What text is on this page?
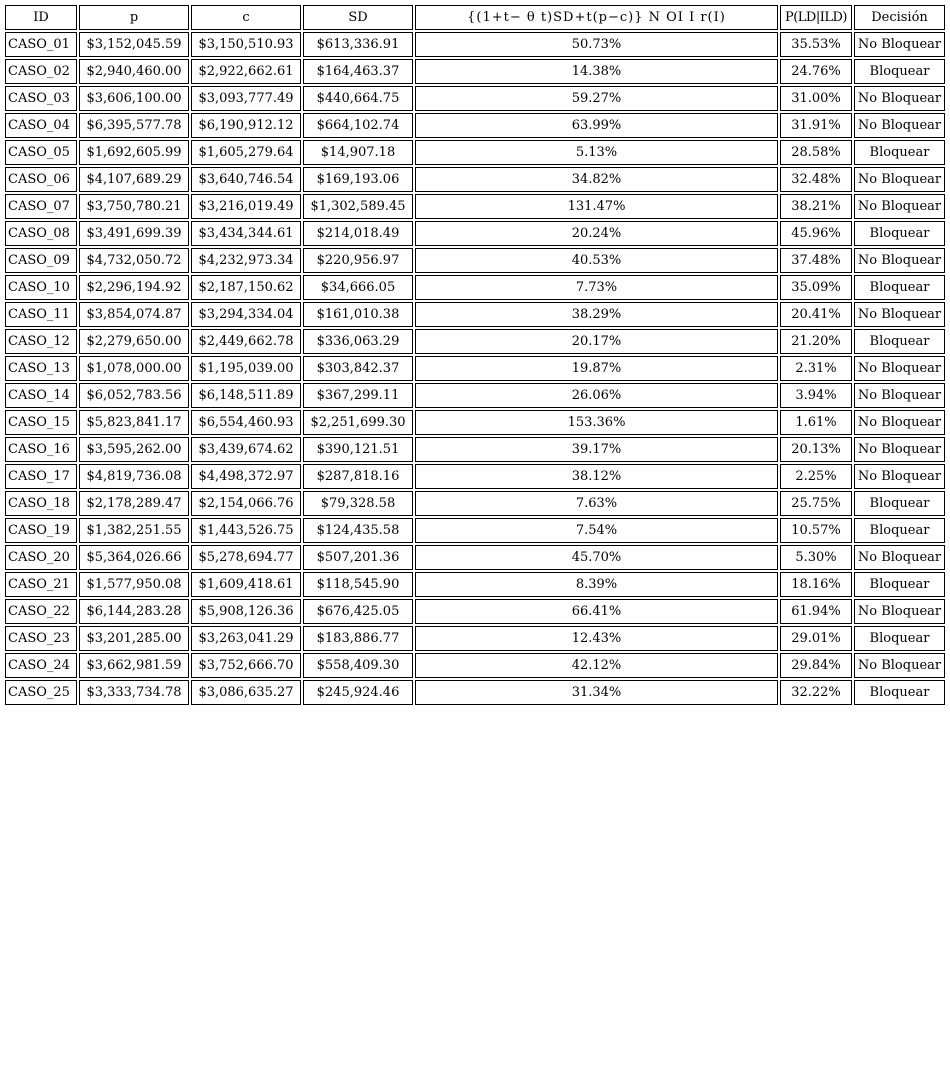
ID	p	c	SD	{(1+t− θ t)SD+t(p−c)} N OI I r(I)	P(LD|ILD)	Decisión
CASO_01	$3,152,045.59	$3,150,510.93	$613,336.91	50.73%	35.53%	No Bloquear
CASO_02	$2,940,460.00	$2,922,662.61	$164,463.37	14.38%	24.76%	Bloquear
CASO_03	$3,606,100.00	$3,093,777.49	$440,664.75	59.27%	31.00%	No Bloquear
CASO_04	$6,395,577.78	$6,190,912.12	$664,102.74	63.99%	31.91%	No Bloquear
CASO_05	$1,692,605.99	$1,605,279.64	$14,907.18	5.13%	28.58%	Bloquear
CASO_06	$4,107,689.29	$3,640,746.54	$169,193.06	34.82%	32.48%	No Bloquear
CASO_07	$3,750,780.21	$3,216,019.49	$1,302,589.45	131.47%	38.21%	No Bloquear
CASO_08	$3,491,699.39	$3,434,344.61	$214,018.49	20.24%	45.96%	Bloquear
CASO_09	$4,732,050.72	$4,232,973.34	$220,956.97	40.53%	37.48%	No Bloquear
CASO_10	$2,296,194.92	$2,187,150.62	$34,666.05	7.73%	35.09%	Bloquear
CASO_11	$3,854,074.87	$3,294,334.04	$161,010.38	38.29%	20.41%	No Bloquear
CASO_12	$2,279,650.00	$2,449,662.78	$336,063.29	20.17%	21.20%	Bloquear
CASO_13	$1,078,000.00	$1,195,039.00	$303,842.37	19.87%	2.31%	No Bloquear
CASO_14	$6,052,783.56	$6,148,511.89	$367,299.11	26.06%	3.94%	No Bloquear
CASO_15	$5,823,841.17	$6,554,460.93	$2,251,699.30	153.36%	1.61%	No Bloquear
CASO_16	$3,595,262.00	$3,439,674.62	$390,121.51	39.17%	20.13%	No Bloquear
CASO_17	$4,819,736.08	$4,498,372.97	$287,818.16	38.12%	2.25%	No Bloquear
CASO_18	$2,178,289.47	$2,154,066.76	$79,328.58	7.63%	25.75%	Bloquear
CASO_19	$1,382,251.55	$1,443,526.75	$124,435.58	7.54%	10.57%	Bloquear
CASO_20	$5,364,026.66	$5,278,694.77	$507,201.36	45.70%	5.30%	No Bloquear
CASO_21	$1,577,950.08	$1,609,418.61	$118,545.90	8.39%	18.16%	Bloquear
CASO_22	$6,144,283.28	$5,908,126.36	$676,425.05	66.41%	61.94%	No Bloquear
CASO_23	$3,201,285.00	$3,263,041.29	$183,886.77	12.43%	29.01%	Bloquear
CASO_24	$3,662,981.59	$3,752,666.70	$558,409.30	42.12%	29.84%	No Bloquear
CASO_25	$3,333,734.78	$3,086,635.27	$245,924.46	31.34%	32.22%	Bloquear
